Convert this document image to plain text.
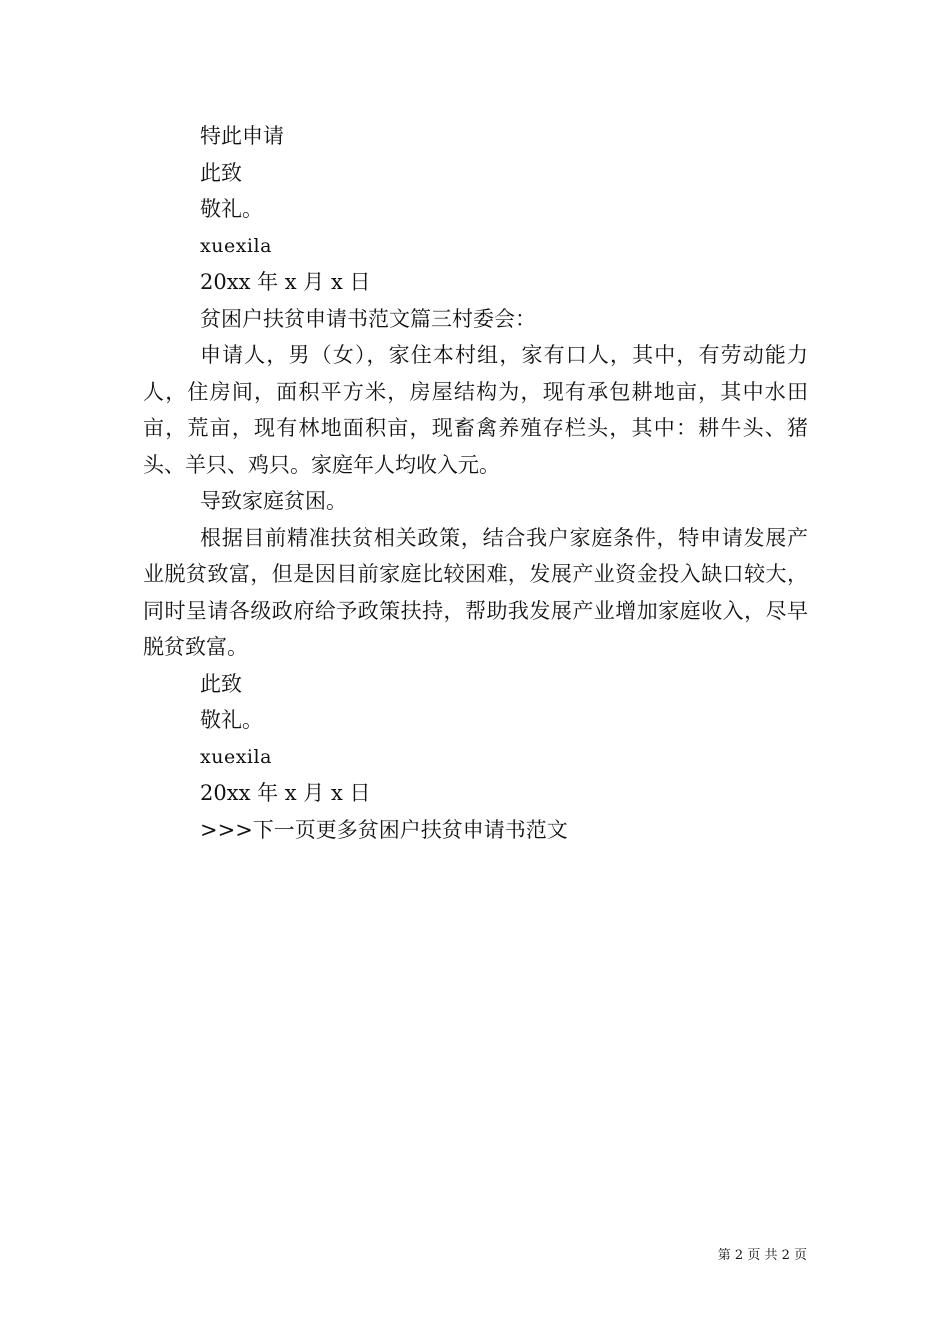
特此申请

此致

敬礼。

xuexila

20xx 年 x 月 x 日

贫困户扶贫申请书范文篇三村委会：

申请人，男（女），家住本村组，家有口人，其中，有劳动能力人，住房间，面积平方米，房屋结构为，现有承包耕地亩，其中水田亩，荒亩，现有林地面积亩，现畜禽养殖存栏头，其中：耕牛头、猪头、羊只、鸡只。家庭年人均收入元。

导致家庭贫困。

根据目前精准扶贫相关政策，结合我户家庭条件，特申请发展产业脱贫致富，但是因目前家庭比较困难，发展产业资金投入缺口较大，同时呈请各级政府给予政策扶持，帮助我发展产业增加家庭收入，尽早脱贫致富。

此致

敬礼。

xuexila

20xx 年 x 月 x 日

>>>下一页更多贫困户扶贫申请书范文

第 2 页 共 2 页
